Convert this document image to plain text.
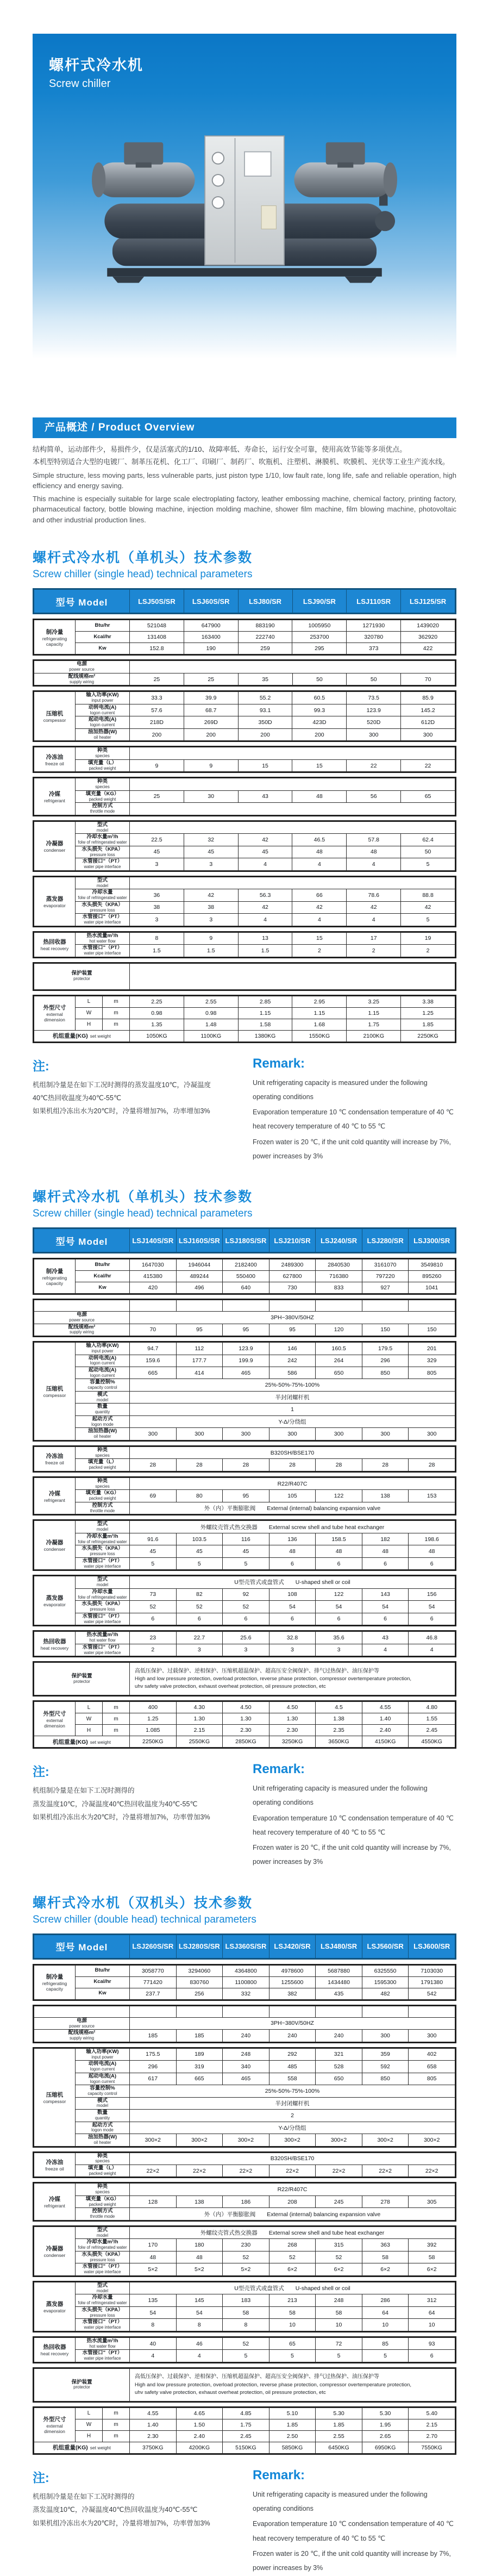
螺杆式冷水机
Screw chiller
产品概述 / Product Overview

结构简单，运动部件少，易损件少，仅是活塞式的1/10、故障率低、寿命长，运行安全可靠，使用高效节能等多项优点。

本机型特别适合大型的电镀厂、制革压花机、化工厂、印刷厂、制药厂、吹瓶机、注塑机、淋膜机、吹膜机、光伏等工业生产流水线。

Simple structure, less moving parts, less vulnerable parts, just piston type 1/10, low fault rate, long life, safe and reliable operation, high efficiency and energy saving.

This machine is especially suitable for large scale electroplating factory, leather embossing machine, chemical factory, printing factory, pharmaceutical factory, bottle blowing machine, injection molding machine, shower film machine, film blowing machine, photovoltaic and other industrial production lines.

螺杆式冷水机（单机头）技术参数
Screw chiller (single head) technical parameters
型号 Model	LSJ50S/SR	LSJ60S/SR	LSJ80/SR	LSJ90/SR	LSJ110SR	LSJ125/SR
制冷量
refrigerating capacity	Btu/hr	521048	647900	883190	1005950	1271930	1439020

	Kcal/hr	131408	163400	222740	253700	320780	362920

	Kw	152.8	190	259	295	373	422
电源
power source						

配线规格m²
supply wiring	25	25	35	50	50	70
压缩机
compessor

输入功率(KW)
input power	33.3	39.9	55.2	60.5	73.5	85.9

	动转电流(A)
logon current	57.6	68.7	93.1	99.3	123.9	145.2

	起动电流(A)
logon current	218D	269D	350D	423D	520D	612D

	油加热器(W)
oil heater	200	200	200	200	300	300
冷冻油
freeze oil

种类
species

	填充量（L）
packed weight	9	9	15	15	22	22
冷媒
refrigerant

种类
species

	填充量（KG）
packed weight	25	30	43	48	56	65

	控制方式
throttle mode						

冷凝器
condenser

型式
model

	冷却水量m³/h
folw of refringerated water	22.5	32	42	46.5	57.8	62.4

	水头损失（KPA）
pressure loss	45	45	45	48	48	50

	水管接口"（PT）
water pipe interface	3	3	4	4	4	5
蒸发器
evaporator

型式
model

	冷却水量
folw of refringerated water	36	42	56.3	66	78.6	88.8

	水头损失（KPA）
pressure loss	38	38	42	42	42	42

	水管接口"（PT）
water pipe interface	3	3	4	4	4	5
热回收器
heat recovery

热水流量m³/h
hot water flow	8	9	13	15	17	19

	水管接口"（PT）
water pipe interface	1.5	1.5	1.5	2	2	2
保护装置
protector

外型尺寸
external dimension	L	m	2.25	2.55	2.85	2.95	3.25	3.38
	W	m	0.98	0.98	1.15	1.15	1.15	1.25
	H	m	1.35	1.48	1.58	1.68	1.75	1.85
机组重量(KG) set weight			1050KG	1100KG	1380KG	1550KG	2100KG	2250KG
注:
机组制冷量是在如下工况时测得的蒸发温度10℃，冷凝温度40℃热回收温度为40℃-55℃
如果机组冷冻出水为20℃时，冷量将增加7%，功率增加3%
Remark:

Unit refrigerating capacity is measured under the following operating conditions

Evaporation temperature 10 ℃ condensation temperature of 40 ℃ heat recovery temperature of 40 ℃ to 55 ℃

Frozen water is 20 ℃, if the unit cold quantity will increase by 7%, power increases by 3%

螺杆式冷水机（单机头）技术参数
Screw chiller (single head) technical parameters
型号 Model	LSJ140S/SR	LSJ160S/SR	LSJ180S/SR	LSJ210/SR	LSJ240/SR	LSJ280/SR	LSJ300/SR
制冷量
refrigerating capacity	Btu/hr	1647030	1946044	2182400	2489300	2840530	3161070	3549810

	Kcal/hr	415380	489244	550400	627800	716380	797220	895260

	Kw	420	496	640	730	833	927	1041

电源
power source	3PH~380V/50HZ						

配线规格m²
supply wiring	70	95	95	95	120	150	150
压缩机
compessor

输入功率(KW)
input power	94.7	112	123.9	146	160.5	179.5	201

	动转电流(A)
logon current	159.6	177.7	199.9	242	264	296	329

	起动电流(A)
logon current	665	414	465	586	650	850	805

	容量控制%
capacity control	25%-50%-75%-100%						

	模式
model	半封闭螺杆机						

	数量
quantity	1						

	起动方式
logon mode	Y-Δ/分绕组						

	油加热器(W)
oil heater	300	300	300	300	300	300	300
冷冻油
freeze oil

种类
species	B320SH/BSE170

	填充量（L）
packed weight	28	28	28	28	28	28	28
冷媒
refrigerant

种类
species	R22/R407C

	填充量（KG）
packed weight	69	80	95	105	122	138	153

	控制方式
throttle mode	外（内）平衡膨胀阀　　External (internal) balancing expansion valve						
冷凝器
condenser

型式
model	外螺纹壳管式热交换器　　External screw shell and tube heat exchanger

	冷却水量m³/h
folw of refringerated water	91.6	103.5	116	136	158.5	182	198.6

	水头损失（KPA）
pressure loss	45	45	45	48	48	48	48

	水管接口"（PT）
water pipe interface	5	5	5	6	6	6	6
蒸发器
evaporator

型式
model	U型壳管式或盘管式　　U-shaped shell or coil

	冷却水量
folw of refringerated water	73	82	92	108	122	143	156

	水头损失（KPA）
pressure loss	52	52	52	54	54	54	54

	水管接口"（PT）
water pipe interface	6	6	6	6	6	6	6
热回收器
heat recovery

热水流量m³/h
hot water flow	23	22.7	25.6	32.8	35.6	43	46.8

	水管接口"（PT）
water pipe interface	2	3	3	3	3	4	4
保护装置
protector

高低压保护、过载保护、逆相保护、压缩机超温保护、超高压安全阀保护、排气过热保护、油压保护等
High and low pressure protection, overload protection, reverse phase protection, compressor overtemperature protection,
uhv safety valve protection, exhaust overheat protection, oil pressure protection, etc
外型尺寸
external dimension	L	m	400	4.30	4.50	4.50	4.5	4.55	4.80
	W	m	1.25	1.30	1.30	1.30	1.38	1.40	1.55
	H	m	1.085	2.15	2.30	2.30	2.35	2.40	2.45
机组重量(KG) set weight			2250KG	2550KG	2850KG	3250KG	3650KG	4150KG	4550KG
注:
机组制冷量是在如下工况时测得的
蒸发温度10℃，冷凝温度40℃热回收温度为40℃-55℃
如果机组冷冻出水为20℃时，冷量将增加7%，功率曾加3%
Remark:

Unit refrigerating capacity is measured under the following operating conditions

Evaporation temperature 10 ℃ condensation temperature of 40 ℃ heat recovery temperature of 40 ℃ to 55 ℃

Frozen water is 20 ℃, if the unit cold quantity will increase by 7%, power increases by 3%

螺杆式冷水机（双机头）技术参数
Screw chiller (double head) technical parameters
型号 Model	LSJ260S/SR	LSJ280S/SR	LSJ360S/SR	LSJ420/SR	LSJ480/SR	LSJ560/SR	LSJ600/SR
制冷量
refrigerating capacity	Btu/hr	3058770	3294060	4364800	4978600	5687880	6325550	7103030

	Kcal/hr	771420	830760	1100800	1255600	1434480	1595300	1791380

	Kw	237.7	256	332	382	435	482	542

电源
power source	3PH~380V/50HZ						

配线规格m²
supply wiring	185	185	240	240	240	300	300
压缩机
compessor

输入功率(KW)
input power	175.5	189	248	292	321	359	402

	动转电流(A)
logon current	296	319	340	485	528	592	658

	起动电流(A)
logon current	617	665	465	558	650	850	805

	容量控制%
capacity control	25%-50%-75%-100%						

	模式
model	半封闭螺杆机						

	数量
quantity	2						

	起动方式
logon mode	Y-Δ/分绕组						

	油加热器(W)
oil heater	300×2	300×2	300×2	300×2	300×2	300×2	300×2
冷冻油
freeze oil

种类
species	B320SH/BSE170

	填充量（L）
packed weight	22×2	22×2	22×2	22×2	22×2	22×2	22×2
冷媒
refrigerant

种类
species	R22/R407C

	填充量（KG）
packed weight	128	138	186	208	245	278	305

	控制方式
throttle mode	外（内）平衡膨胀阀　　External (internal) balancing expansion valve						
冷凝器
condenser

型式
model	外螺纹壳管式热交换器　　External screw shell and tube heat exchanger

	冷却水量m³/h
folw of refringerated water	170	180	230	268	315	363	392

	水头损失（KPA）
pressure loss	48	48	52	52	52	58	58

	水管接口"（PT）
water pipe interface	5×2	5×2	5×2	6×2	6×2	6×2	6×2
蒸发器
evaporator

型式
model	U型壳管式或盘管式　　U-shaped shell or coil

	冷却水量
folw of refringerated water	135	145	183	213	248	286	312

	水头损失（KPA）
pressure loss	54	54	58	58	58	64	64

	水管接口"（PT）
water pipe interface	8	8	8	10	10	10	10
热回收器
heat recovery

热水流量m³/h
hot water flow	40	46	52	65	72	85	93

	水管接口"（PT）
water pipe interface	4	4	5	5	5	5	6
保护装置
protector

高低压保护、过载保护、逆相保护、压缩机超温保护、超高压安全阀保护、排气过热保护、油压保护等
High and low pressure protection, overload protection, reverse phase protection, compressor overtemperature protection,
uhv safety valve protection, exhaust overheat protection, oil pressure protection, etc
外型尺寸
external dimension	L	m	4.55	4.65	4.85	5.10	5.30	5.30	5.40
	W	m	1.40	1.50	1.75	1.85	1.85	1.95	2.15
	H	m	2.30	2.40	2.45	2.50	2.55	2.65	2.70
机组重量(KG) set weight			3750KG	4200KG	5150KG	5850KG	6450KG	6950KG	7550KG
注:
机组制冷量是在如下工况时测得的
蒸发温度10℃，冷凝温度40℃热回收温度为40℃-55℃
如果机组冷冻出水为20℃时，冷量将增加7%，功率曾加3%
Remark:

Unit refrigerating capacity is measured under the following operating conditions

Evaporation temperature 10 ℃ condensation temperature of 40 ℃ heat recovery temperature of 40 ℃ to 55 ℃

Frozen water is 20 ℃, if the unit cold quantity will increase by 7%, power increases by 3%
